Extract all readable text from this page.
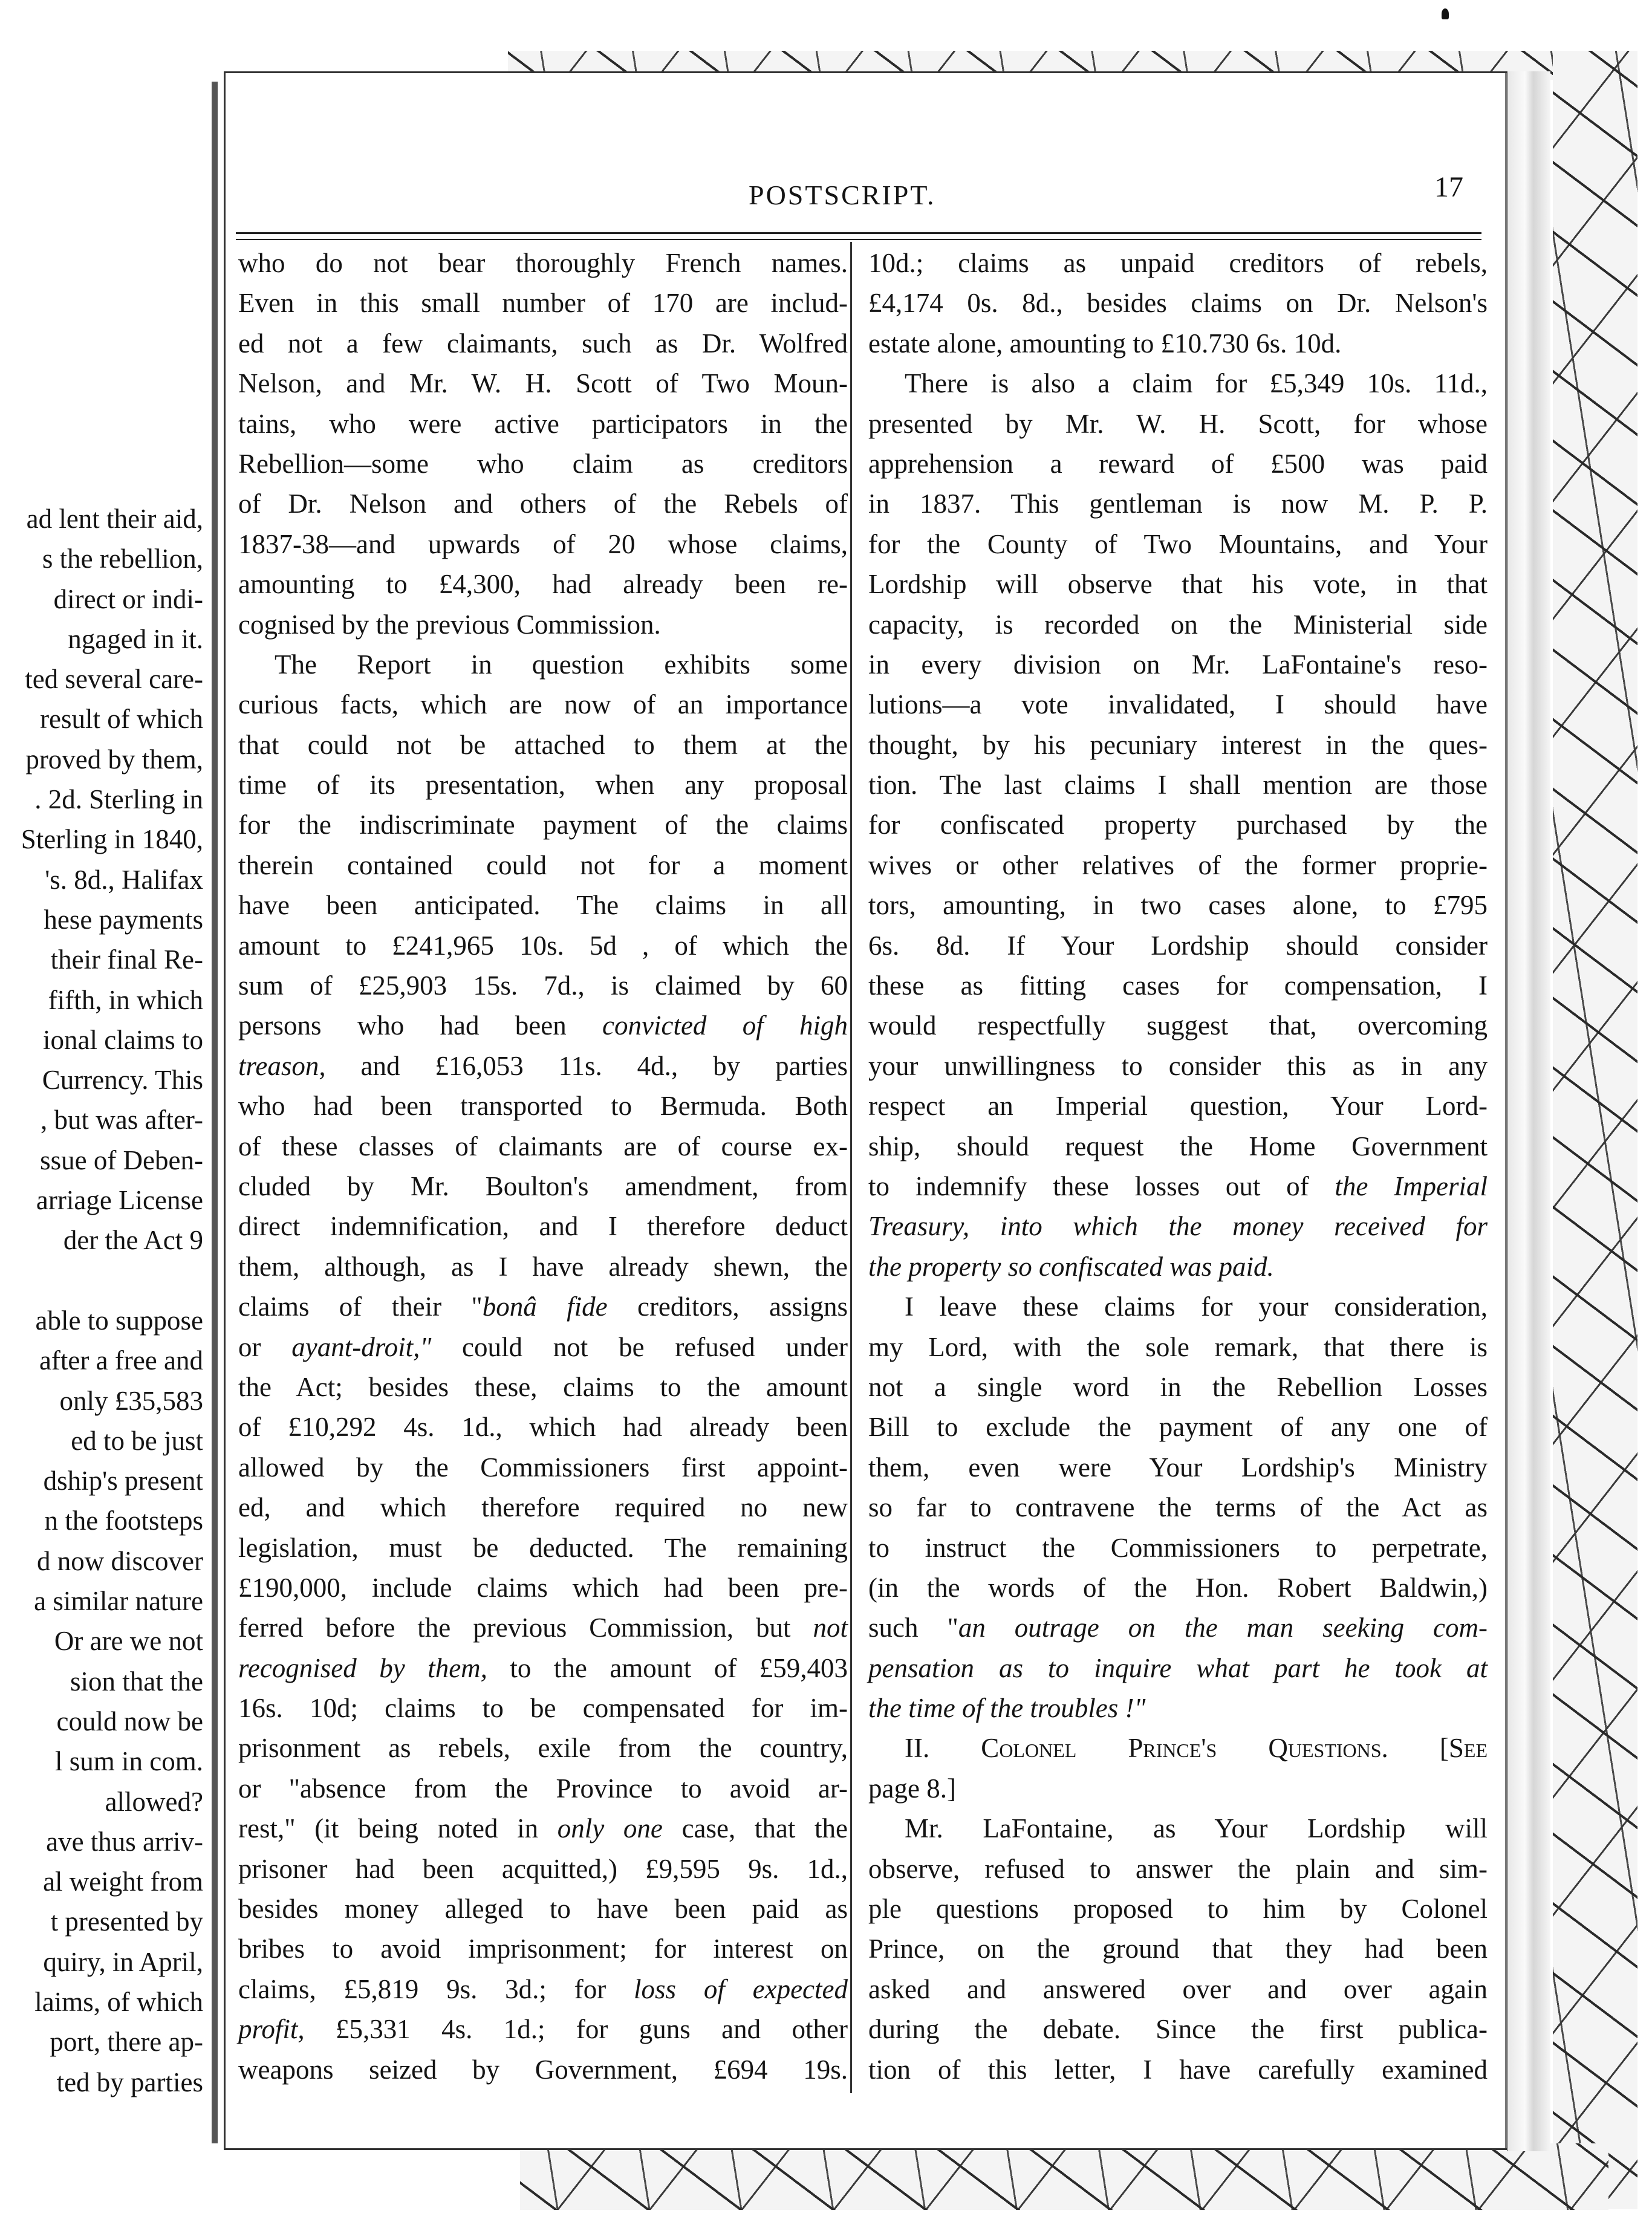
ad lent their aid,
s the rebellion,
direct or indi-
ngaged in it.
ted several care-
result of which
proved by them,
. 2d. Sterling in
Sterling in 1840,
's. 8d., Halifax
hese payments
their final Re-
fifth, in which
ional claims to
Currency. This
, but was after-
ssue of Deben-
arriage License
der the Act 9
able to suppose
after a free and
only £35,583
ed to be just
dship's present
n the footsteps
d now discover
a similar nature
Or are we not
sion that the
could now be
l sum in com.
allowed?
ave thus arriv-
al weight from
t presented by
quiry, in April,
laims, of which
port, there ap-
ted by parties
POSTSCRIPT.	17
who do not bear thoroughly French names.
Even in this small number of 170 are includ-
ed not a few claimants, such as Dr. Wolfred
Nelson, and Mr. W. H. Scott of Two Moun-
tains, who were active participators in the
Rebellion—some who claim as creditors
of Dr. Nelson and others of the Rebels of
1837-38—and upwards of 20 whose claims,
amounting to £4,300, had already been re-
cognised by the previous Commission.
The Report in question exhibits some
curious facts, which are now of an importance
that could not be attached to them at the
time of its presentation, when any proposal
for the indiscriminate payment of the claims
therein contained could not for a moment
have been anticipated. The claims in all
amount to £241,965 10s. 5d , of which the
sum of £25,903 15s. 7d., is claimed by 60
persons who had been convicted of high
treason, and £16,053 11s. 4d., by parties
who had been transported to Bermuda. Both
of these classes of claimants are of course ex-
cluded by Mr. Boulton's amendment, from
direct indemnification, and I therefore deduct
them, although, as I have already shewn, the
claims of their "bonâ fide creditors, assigns
or ayant-droit," could not be refused under
the Act; besides these, claims to the amount
of £10,292 4s. 1d., which had already been
allowed by the Commissioners first appoint-
ed, and which therefore required no new
legislation, must be deducted. The remaining
£190,000, include claims which had been pre-
ferred before the previous Commission, but not
recognised by them, to the amount of £59,403
16s. 10d; claims to be compensated for im-
prisonment as rebels, exile from the country,
or "absence from the Province to avoid ar-
rest," (it being noted in only one case, that the
prisoner had been acquitted,) £9,595 9s. 1d.,
besides money alleged to have been paid as
bribes to avoid imprisonment; for interest on
claims, £5,819 9s. 3d.; for loss of expected
profit, £5,331 4s. 1d.; for guns and other
weapons seized by Government, £694 19s.
10d.; claims as unpaid creditors of rebels,
£4,174 0s. 8d., besides claims on Dr. Nelson's
estate alone, amounting to £10.730 6s. 10d.
There is also a claim for £5,349 10s. 11d.,
presented by Mr. W. H. Scott, for whose
apprehension a reward of £500 was paid
in 1837. This gentleman is now M. P. P.
for the County of Two Mountains, and Your
Lordship will observe that his vote, in that
capacity, is recorded on the Ministerial side
in every division on Mr. LaFontaine's reso-
lutions—a vote invalidated, I should have
thought, by his pecuniary interest in the ques-
tion. The last claims I shall mention are those
for confiscated property purchased by the
wives or other relatives of the former proprie-
tors, amounting, in two cases alone, to £795
6s. 8d. If Your Lordship should consider
these as fitting cases for compensation, I
would respectfully suggest that, overcoming
your unwillingness to consider this as in any
respect an Imperial question, Your Lord-
ship, should request the Home Government
to indemnify these losses out of the Imperial
Treasury, into which the money received for
the property so confiscated was paid.
I leave these claims for your consideration,
my Lord, with the sole remark, that there is
not a single word in the Rebellion Losses
Bill to exclude the payment of any one of
them, even were Your Lordship's Ministry
so far to contravene the terms of the Act as
to instruct the Commissioners to perpetrate,
(in the words of the Hon. Robert Baldwin,)
such "an outrage on the man seeking com-
pensation as to inquire what part he took at
the time of the troubles !"
II. Colonel Prince's Questions. [See
page 8.]
Mr. LaFontaine, as Your Lordship will
observe, refused to answer the plain and sim-
ple questions proposed to him by Colonel
Prince, on the ground that they had been
asked and answered over and over again
during the debate. Since the first publica-
tion of this letter, I have carefully examined
